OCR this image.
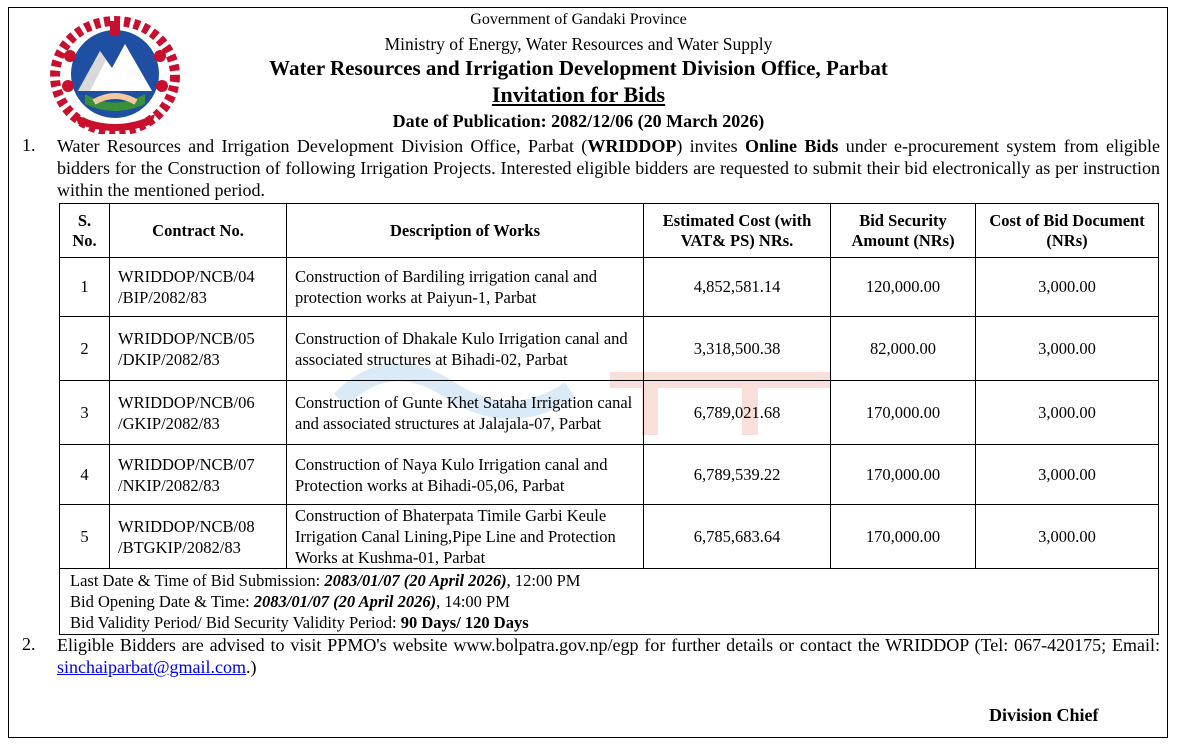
Government of Gandaki Province
Ministry of Energy, Water Resources and Water Supply
Water Resources and Irrigation Development Division Office, Parbat
Invitation for Bids
Date of Publication: 2082/12/06 (20 March 2026)
1. Water Resources and Irrigation Development Division Office, Parbat (WRIDDOP) invites Online Bids under e-procurement system from eligible bidders for the Construction of following Irrigation Projects. Interested eligible bidders are requested to submit their bid electronically as per instruction within the mentioned period.
S. No.	Contract No.	Description of Works	Estimated Cost (with VAT& PS) NRs.	Bid Security Amount (NRs)	Cost of Bid Document (NRs)
1	WRIDDOP/NCB/04 /BIP/2082/83	Construction of Bardiling irrigation canal and protection works at Paiyun-1, Parbat	4,852,581.14	120,000.00	3,000.00
2	WRIDDOP/NCB/05 /DKIP/2082/83	Construction of Dhakale Kulo Irrigation canal and associated structures at Bihadi-02, Parbat	3,318,500.38	82,000.00	3,000.00
3	WRIDDOP/NCB/06 /GKIP/2082/83	Construction of Gunte Khet Sataha Irrigation canal and associated structures at Jalajala-07, Parbat	6,789,021.68	170,000.00	3,000.00
4	WRIDDOP/NCB/07 /NKIP/2082/83	Construction of Naya Kulo Irrigation canal and Protection works at Bihadi-05,06, Parbat	6,789,539.22	170,000.00	3,000.00
5	WRIDDOP/NCB/08 /BTGKIP/2082/83	Construction of Bhaterpata Timile Garbi Keule Irrigation Canal Lining,Pipe Line and Protection Works at Kushma-01, Parbat	6,785,683.64	170,000.00	3,000.00

Last Date & Time of Bid Submission: 2083/01/07 (20 April 2026), 12:00 PM
Bid Opening Date & Time: 2083/01/07 (20 April 2026), 14:00 PM
Bid Validity Period/ Bid Security Validity Period: 90 Days/ 120 Days					
2. Eligible Bidders are advised to visit PPMO's website www.bolpatra.gov.np/egp for further details or contact the WRIDDOP (Tel: 067-420175; Email: sinchaiparbat@gmail.com.)
Division Chief
